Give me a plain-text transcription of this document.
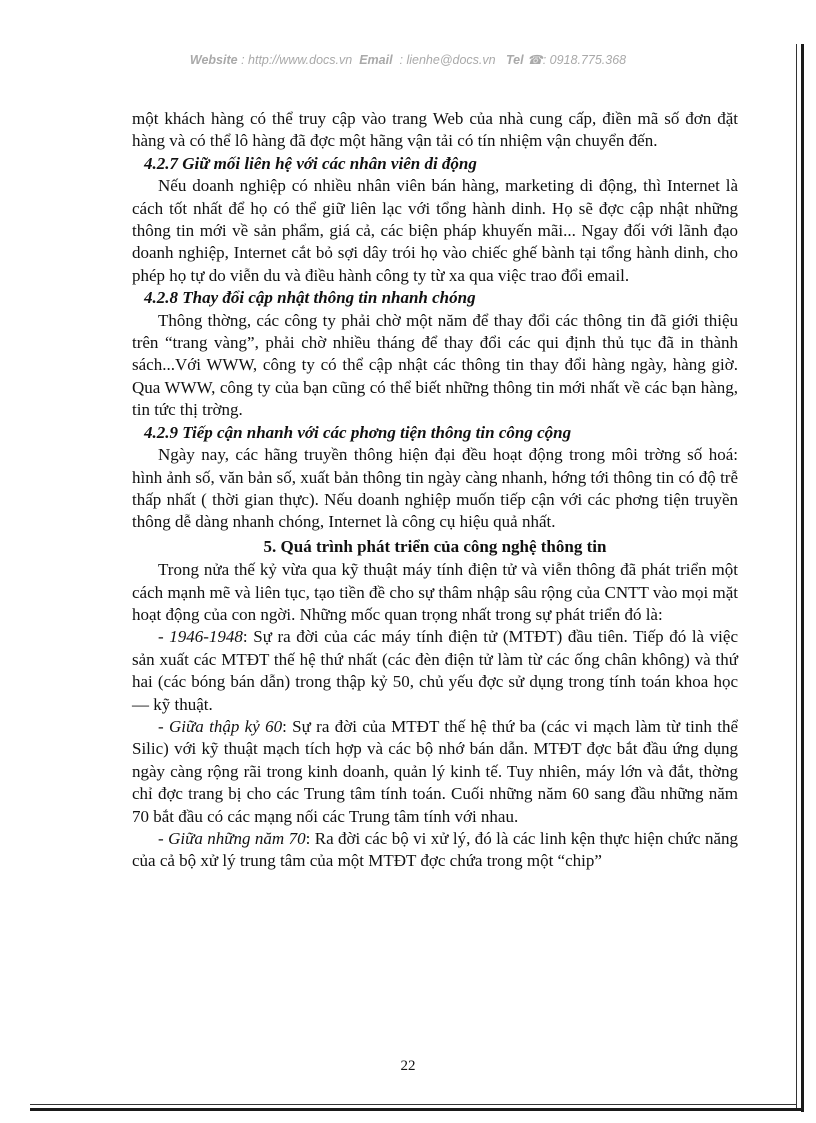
Website : http://www.docs.vn Email : lienhe@docs.vn Tel ☎: 0918.775.368

một khách hàng có thể truy cập vào trang Web của nhà cung cấp, điền mã số đơn đặt hàng và có thể lô hàng đã đợc một hãng vận tải có tín nhiệm vận chuyển đến.

4.2.7 Giữ mối liên hệ với các nhân viên di động

Nếu doanh nghiệp có nhiều nhân viên bán hàng, marketing di động, thì Internet là cách tốt nhất để họ có thể giữ liên lạc với tổng hành dinh. Họ sẽ đợc cập nhật những thông tin mới về sản phẩm, giá cả, các biện pháp khuyến mãi... Ngay đối với lãnh đạo doanh nghiệp, Internet cắt bỏ sợi dây trói họ vào chiếc ghế bành tại tổng hành dinh, cho phép họ tự do viễn du và điều hành công ty từ xa qua việc trao đổi email.

4.2.8 Thay đổi cập nhật thông tin nhanh chóng

Thông thờng, các công ty phải chờ một năm để thay đổi các thông tin đã giới thiệu trên “trang vàng”, phải chờ nhiều tháng để thay đổi các qui định thủ tục đã in thành sách...Với WWW, công ty có thể cập nhật các thông tin thay đổi hàng ngày, hàng giờ. Qua WWW, công ty của bạn cũng có thể biết những thông tin mới nhất về các bạn hàng, tin tức thị trờng.

4.2.9 Tiếp cận nhanh với các phơng tiện thông tin công cộng

Ngày nay, các hãng truyền thông hiện đại đều hoạt động trong môi trờng số hoá: hình ảnh số, văn bản số, xuất bản thông tin ngày càng nhanh, hớng tới thông tin có độ trễ thấp nhất ( thời gian thực). Nếu doanh nghiệp muốn tiếp cận với các phơng tiện truyền thông dễ dàng nhanh chóng, Internet là công cụ hiệu quả nhất.

5. Quá trình phát triển của công nghệ thông tin

Trong nửa thế kỷ vừa qua kỹ thuật máy tính điện tử và viễn thông đã phát triển một cách mạnh mẽ và liên tục, tạo tiền đề cho sự thâm nhập sâu rộng của CNTT vào mọi mặt hoạt động của con ngời. Những mốc quan trọng nhất trong sự phát triển đó là:

- 1946-1948: Sự ra đời của các máy tính điện tử (MTĐT) đầu tiên. Tiếp đó là việc sản xuất các MTĐT thế hệ thứ nhất (các đèn điện tử làm từ các ống chân không) và thứ hai (các bóng bán dẫn) trong thập kỷ 50, chủ yếu đợc sử dụng trong tính toán khoa học — kỹ thuật.

- Giữa thập kỷ 60: Sự ra đời của MTĐT thế hệ thứ ba (các vi mạch làm từ tinh thể Silic) với kỹ thuật mạch tích hợp và các bộ nhớ bán dẫn. MTĐT đợc bắt đầu ứng dụng ngày càng rộng rãi trong kinh doanh, quản lý kinh tế. Tuy nhiên, máy lớn và đắt, thờng chỉ đợc trang bị cho các Trung tâm tính toán. Cuối những năm 60 sang đầu những năm 70 bắt đầu có các mạng nối các Trung tâm tính với nhau.

- Giữa những năm 70: Ra đời các bộ vi xử lý, đó là các linh kện thực hiện chức năng của cả bộ xử lý trung tâm của một MTĐT đợc chứa trong một “chip”

22
